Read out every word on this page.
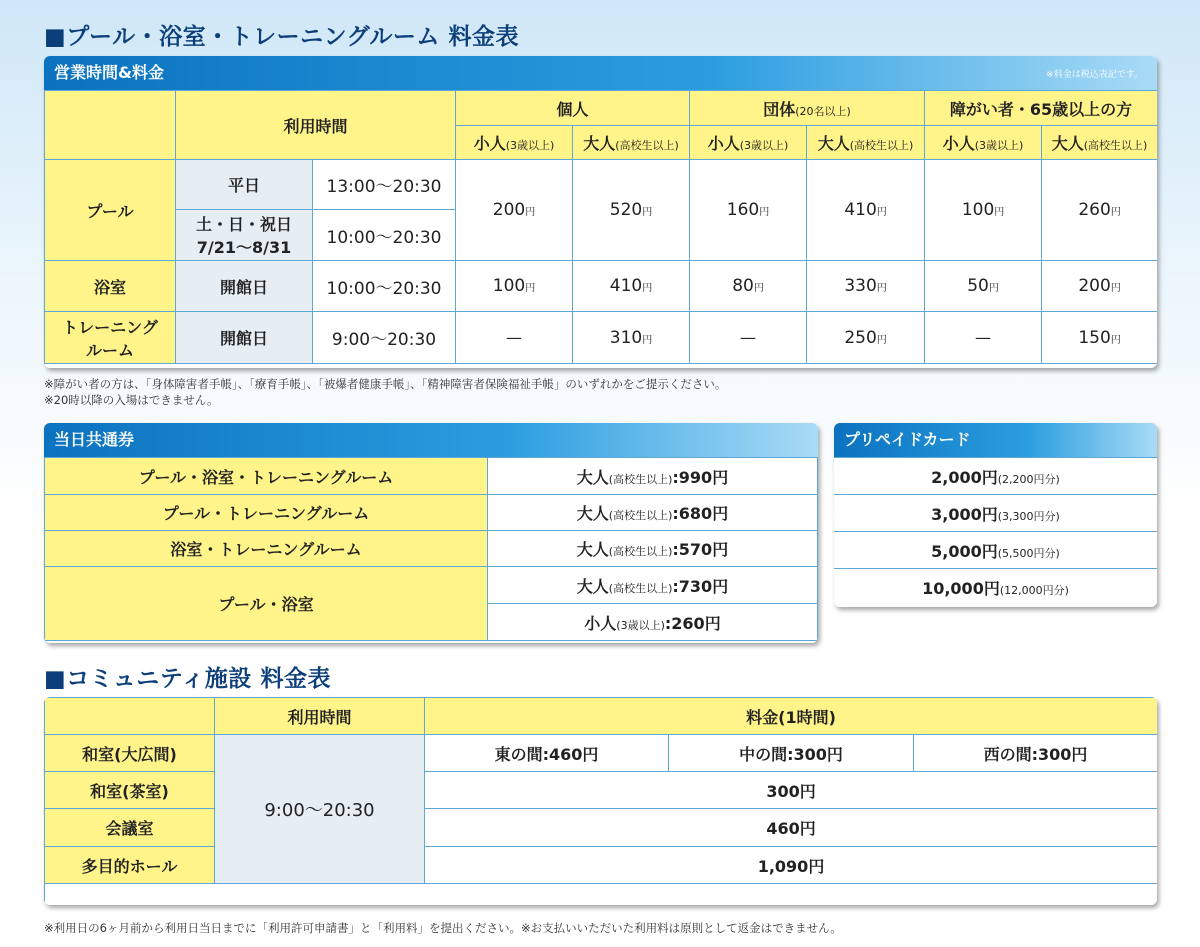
■プール・浴室・トレーニングルーム 料金表
営業時間&料金	※料金は税込表記です。
	利用時間		個人		団体(20名以上)		障がい者・65歳以上の方	
			小人(3歳以上)	大人(高校生以上)	小人(3歳以上)	大人(高校生以上)	小人(3歳以上)	大人(高校生以上)
プール	平日	13:00〜20:30	200円	520円	160円	410円	100円	260円

	土・日・祝日
7/21〜8/31	10:00〜20:30						
浴室	開館日	10:00〜20:30	100円	410円	80円	330円	50円	200円

トレーニング
ルーム	開館日	9:00〜20:30	—	310円	—	250円	—	150円
※障がい者の方は、「身体障害者手帳」、「療育手帳」、「被爆者健康手帳」、「精神障害者保険福祉手帳」のいずれかをご提示ください。
※20時以降の入場はできません。
当日共通券
プール・浴室・トレーニングルーム	大人(高校生以上):990円
プール・トレーニングルーム	大人(高校生以上):680円
浴室・トレーニングルーム	大人(高校生以上):570円
プール・浴室	大人(高校生以上):730円
	小人(3歳以上):260円
プリペイドカード
2,000円(2,200円分)
3,000円(3,300円分)
5,000円(5,500円分)
10,000円(12,000円分)
■コミュニティ施設 料金表
	利用時間	料金(1時間)		
和室(大広間)	9:00〜20:30	東の間:460円	中の間:300円	西の間:300円
和室(茶室)		300円		
会議室		460円		
多目的ホール		1,090円		

※利用日の6ヶ月前から利用日当日までに「利用許可申請書」と「利用料」を提出ください。※お支払いいただいた利用料は原則として返金はできません。
